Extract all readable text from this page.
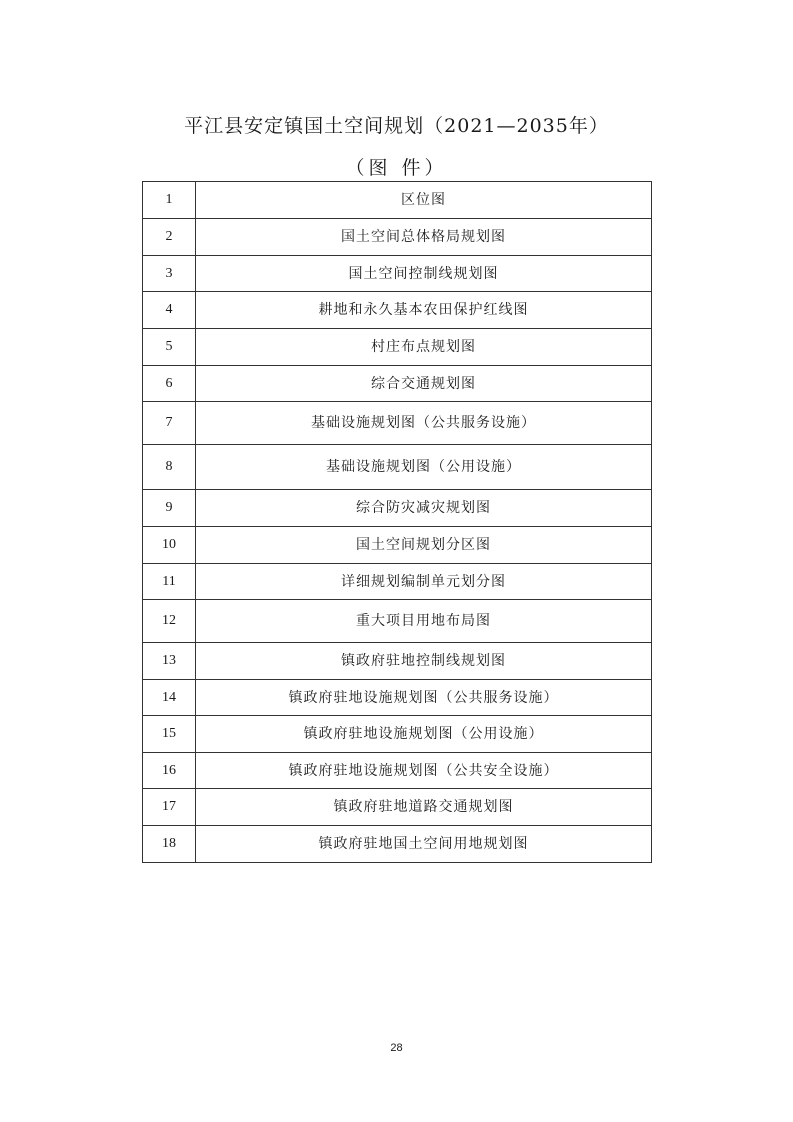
平江县安定镇国土空间规划（2021—2035年）
（图 件）
1	区位图
2	国土空间总体格局规划图
3	国土空间控制线规划图
4	耕地和永久基本农田保护红线图
5	村庄布点规划图
6	综合交通规划图
7	基础设施规划图（公共服务设施）
8	基础设施规划图（公用设施）
9	综合防灾减灾规划图
10	国土空间规划分区图
11	详细规划编制单元划分图
12	重大项目用地布局图
13	镇政府驻地控制线规划图
14	镇政府驻地设施规划图（公共服务设施）
15	镇政府驻地设施规划图（公用设施）
16	镇政府驻地设施规划图（公共安全设施）
17	镇政府驻地道路交通规划图
18	镇政府驻地国土空间用地规划图
28
